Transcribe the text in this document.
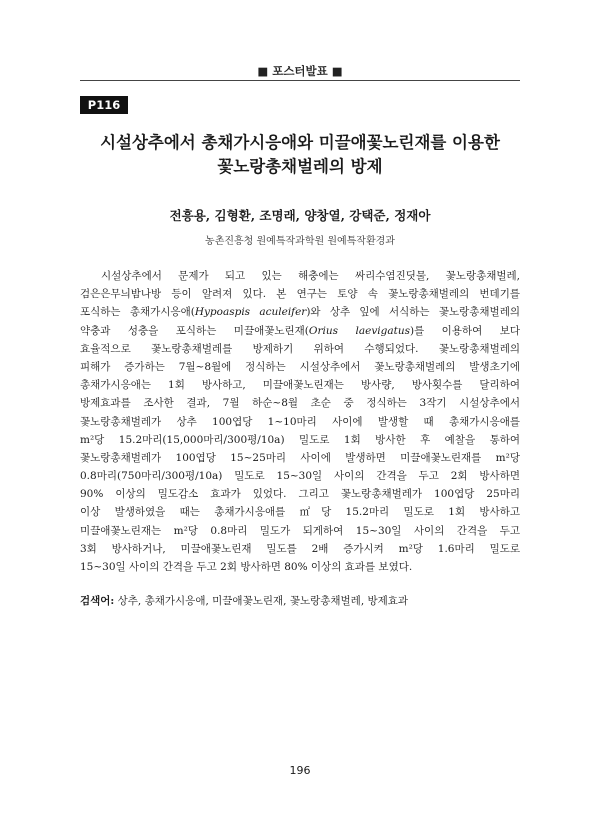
■ 포스터발표 ■
P116
시설상추에서 총채가시응애와 미끌애꽃노린재를 이용한
꽃노랑총채벌레의 방제
전흥용, 김형환, 조명래, 양창열, 강택준, 정재아
농촌진흥청 원예특작과학원 원예특작환경과
시설상추에서 문제가 되고 있는 해충에는 싸리수염진딧물, 꽃노랑총채벌레,
검은은무늬밤나방 등이 알려져 있다. 본 연구는 토양 속 꽃노랑총채벌레의 번데기를
포식하는 총채가시응애(Hypoaspis aculeifer)와 상추 잎에 서식하는 꽃노랑총채벌레의
약충과 성충을 포식하는 미끌애꽃노린재(Orius laevigatus)를 이용하여 보다
효율적으로 꽃노랑총채벌레를 방제하기 위하여 수행되었다. 꽃노랑총채벌레의
피해가 증가하는 7월~8월에 정식하는 시설상추에서 꽃노랑총채벌레의 발생초기에
총채가시응애는 1회 방사하고, 미끌애꽃노린재는 방사량, 방사횟수를 달리하여
방제효과를 조사한 결과, 7월 하순~8월 초순 중 정식하는 3작기 시설상추에서
꽃노랑총채벌레가 상추 100엽당 1~10마리 사이에 발생할 때 총채가시응애를
m²당 15.2마리(15,000마리/300평/10a) 밀도로 1회 방사한 후 예찰을 통하여
꽃노랑총채벌레가 100엽당 15~25마리 사이에 발생하면 미끌애꽃노린재를 m²당
0.8마리(750마리/300평/10a) 밀도로 15~30일 사이의 간격을 두고 2회 방사하면
90% 이상의 밀도감소 효과가 있었다. 그리고 꽃노랑총채벌레가 100엽당 25마리
이상 발생하였을 때는 총채가시응애를 ㎡당 15.2마리 밀도로 1회 방사하고
미끌애꽃노린재는 m²당 0.8마리 밀도가 되게하여 15~30일 사이의 간격을 두고
3회 방사하거나, 미끌애꽃노린재 밀도를 2배 증가시켜 m²당 1.6마리 밀도로
15~30일 사이의 간격을 두고 2회 방사하면 80% 이상의 효과를 보였다.
검색어: 상추, 총채가시응애, 미끌애꽃노린재, 꽃노랑총채벌레, 방제효과
196
